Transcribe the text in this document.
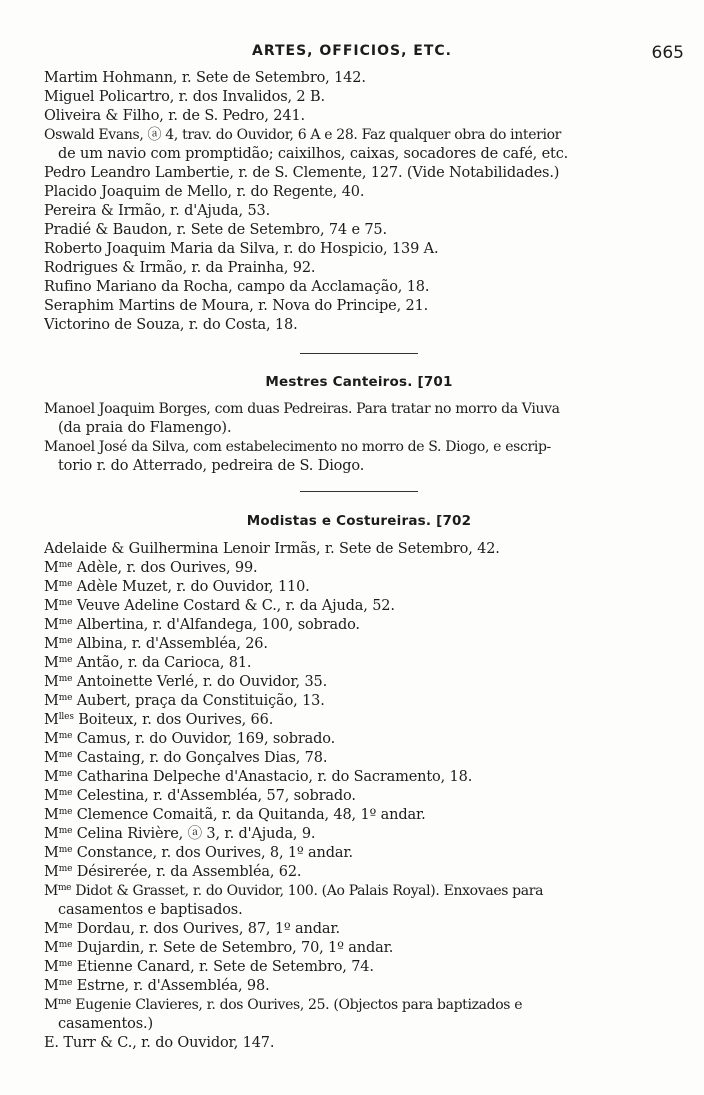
ARTES, OFFICIOS, ETC.	665
Martim Hohmann, r. Sete de Setembro, 142.
Miguel Policartro, r. dos Invalidos, 2 B.
Oliveira & Filho, r. de S. Pedro, 241.
Oswald Evans, ⓐ 4, trav. do Ouvidor, 6 A e 28. Faz qualquer obra do interior
de um navio com promptidão; caixilhos, caixas, socadores de café, etc.
Pedro Leandro Lambertie, r. de S. Clemente, 127. (Vide Notabilidades.)
Placido Joaquim de Mello, r. do Regente, 40.
Pereira & Irmão, r. d'Ajuda, 53.
Pradié & Baudon, r. Sete de Setembro, 74 e 75.
Roberto Joaquim Maria da Silva, r. do Hospicio, 139 A.
Rodrigues & Irmão, r. da Prainha, 92.
Rufino Mariano da Rocha, campo da Acclamação, 18.
Seraphim Martins de Moura, r. Nova do Principe, 21.
Victorino de Souza, r. do Costa, 18.
Mestres Canteiros. [701
Manoel Joaquim Borges, com duas Pedreiras. Para tratar no morro da Viuva
(da praia do Flamengo).
Manoel José da Silva, com estabelecimento no morro de S. Diogo, e escrip-
torio r. do Atterrado, pedreira de S. Diogo.
Modistas e Costureiras. [702
Adelaide & Guilhermina Lenoir Irmãs, r. Sete de Setembro, 42.
$M^{me}$ Adèle, r. dos Ourives, 99.
$M^{me}$ Adèle Muzet, r. do Ouvidor, 110.
$M^{me}$ Veuve Adeline Costard & C., r. da Ajuda, 52.
$M^{me}$ Albertina, r. d'Alfandega, 100, sobrado.
$M^{me}$ Albina, r. d'Assembléa, 26.
$M^{me}$ Antão, r. da Carioca, 81.
$M^{me}$ Antoinette Verlé, r. do Ouvidor, 35.
$M^{me}$ Aubert, praça da Constituição, 13.
$M^{lles}$ Boiteux, r. dos Ourives, 66.
$M^{me}$ Camus, r. do Ouvidor, 169, sobrado.
$M^{me}$ Castaing, r. do Gonçalves Dias, 78.
$M^{me}$ Catharina Delpeche d'Anastacio, r. do Sacramento, 18.
$M^{me}$ Celestina, r. d'Assembléa, 57, sobrado.
$M^{me}$ Clemence Comaitã, r. da Quitanda, 48, 1º andar.
$M^{me}$ Celina Rivière, ⓐ 3, r. d'Ajuda, 9.
$M^{me}$ Constance, r. dos Ourives, 8, 1º andar.
$M^{me}$ Désirerée, r. da Assembléa, 62.
$M^{me}$ Didot & Grasset, r. do Ouvidor, 100. (Ao Palais Royal). Enxovaes para
casamentos e baptisados.
$M^{me}$ Dordau, r. dos Ourives, 87, 1º andar.
$M^{me}$ Dujardin, r. Sete de Setembro, 70, 1º andar.
$M^{me}$ Etienne Canard, r. Sete de Setembro, 74.
$M^{me}$ Estrne, r. d'Assembléa, 98.
$M^{me}$ Eugenie Clavieres, r. dos Ourives, 25. (Objectos para baptizados e
casamentos.)
E. Turr & C., r. do Ouvidor, 147.
